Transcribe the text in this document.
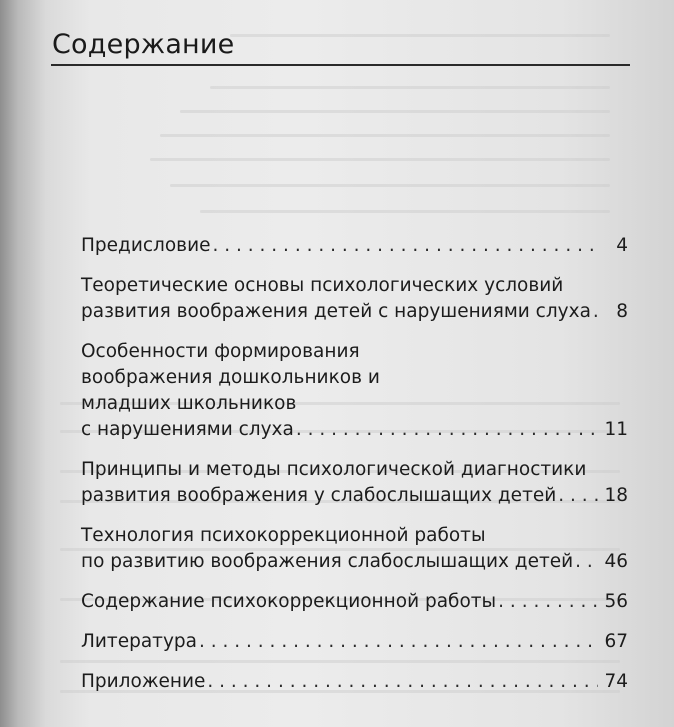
Содержание
Предисловие . . .	4
Теоретические основы психологических условий
развития воображения детей с нарушениями слуха . . .	8
Особенности формирования воображения дошкольников и младших школьников
с нарушениями слуха . . .	11
Принципы и методы психологической диагностики
развития воображения у слабослышащих детей . . .	18
Технология психокоррекционной работы
по развитию воображения слабослышащих детей . . . 46
Содержание психокоррекционной работы . . .	56
Литература . . .	67
Приложение . . .	74
